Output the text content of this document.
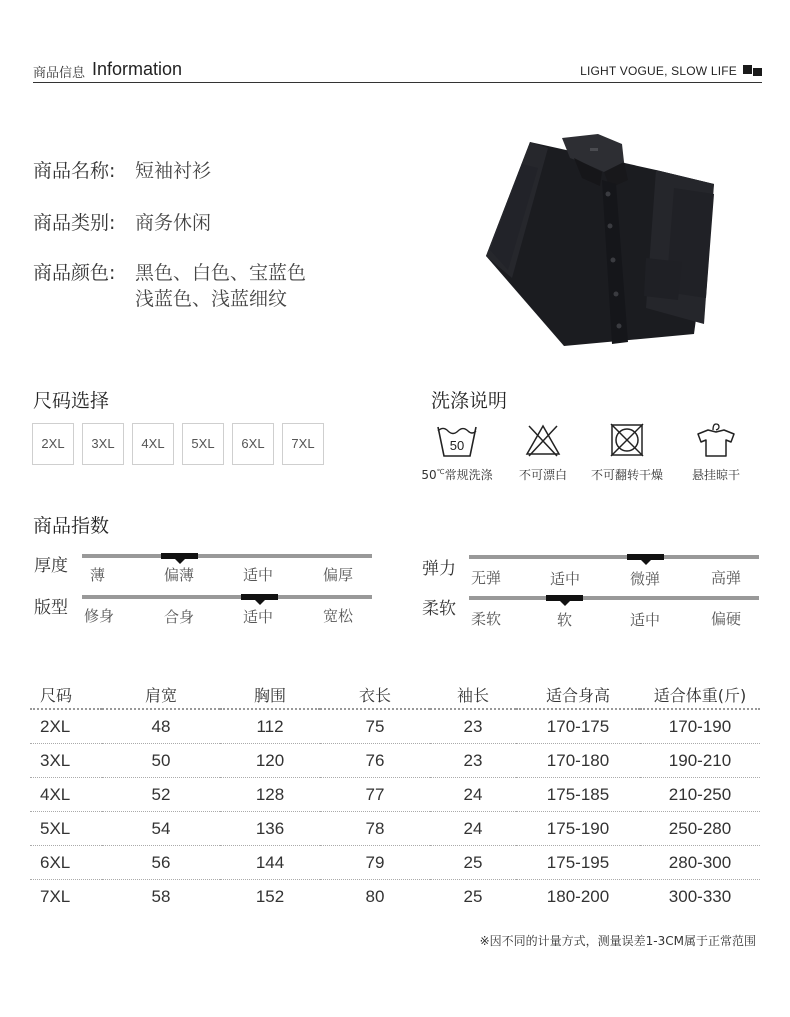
商品信息 Information	LIGHT VOGUE, SLOW LIFE
商品名称: 短袖衬衫
商品类别: 商务休闲
商品颜色: 黑色、白色、宝蓝色
浅蓝色、浅蓝细纹
尺码选择
2XL	3XL	4XL	5XL	6XL	7XL
洗涤说明
50
50℃常规洗涤	不可漂白	不可翻转干燥	悬挂晾干
商品指数
厚度 薄	偏薄	适中	偏厚
版型 修身	合身	适中	宽松
弹力 无弹	适中	微弹	高弹
柔软 柔软	软	适中	偏硬
尺码	肩宽	胸围	衣长	袖长	适合身高	适合体重(斤)
2XL	48	112	75	23	170-175	170-190
3XL	50	120	76	23	170-180	190-210
4XL	52	128	77	24	175-185	210-250
5XL	54	136	78	24	175-190	250-280
6XL	56	144	79	25	175-195	280-300
7XL	58	152	80	25	180-200	300-330
※因不同的计量方式，测量误差1-3CM属于正常范围
